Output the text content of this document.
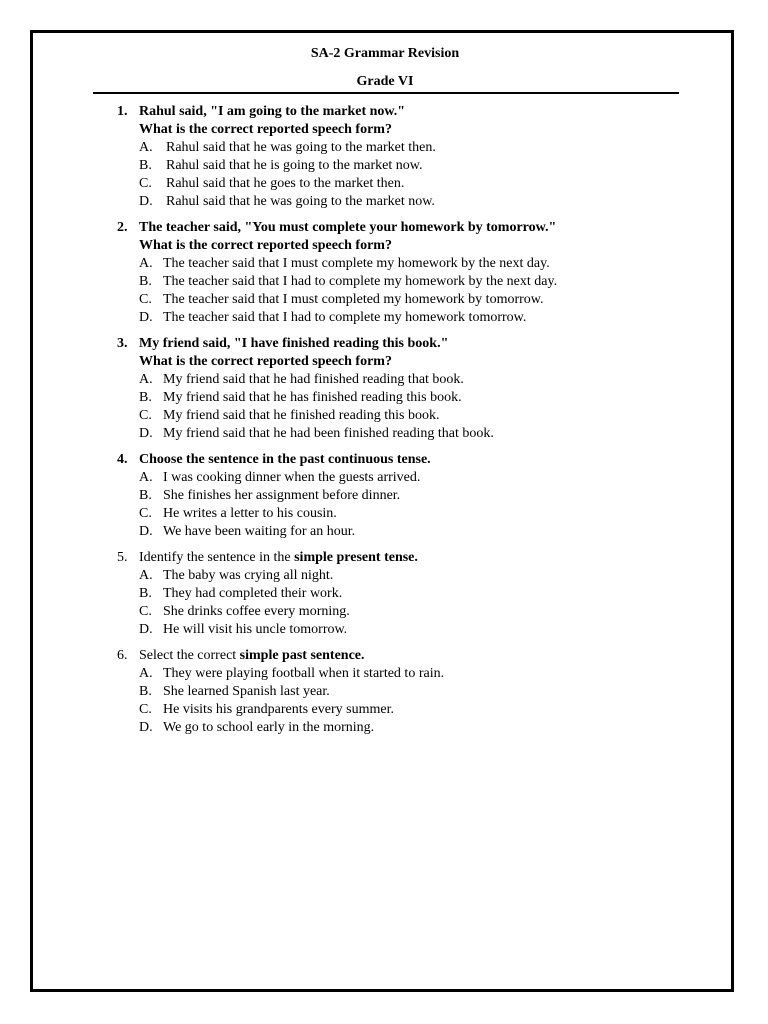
SA-2 Grammar Revision
Grade VI
1. Rahul said, "I am going to the market now."
What is the correct reported speech form?
A. Rahul said that he was going to the market then.
B.	Rahul said that he is going to the market now.
C.	Rahul said that he goes to the market then.
D. Rahul said that he was going to the market now.
2. The teacher said, "You must complete your homework by tomorrow."
What is the correct reported speech form?
A. The teacher said that I must complete my homework by the next day.
B. The teacher said that I had to complete my homework by the next day.
C. The teacher said that I must completed my homework by tomorrow.
D. The teacher said that I had to complete my homework tomorrow.
3. My friend said, "I have finished reading this book."
What is the correct reported speech form?
A. My friend said that he had finished reading that book.
B. My friend said that he has finished reading this book.
C. My friend said that he finished reading this book.
D. My friend said that he had been finished reading that book.
4. Choose the sentence in the past continuous tense.
A. I was cooking dinner when the guests arrived.
B. She finishes her assignment before dinner.
C. He writes a letter to his cousin.
D. We have been waiting for an hour.
5. Identify the sentence in the simple present tense.
A. The baby was crying all night.
B. They had completed their work.
C. She drinks coffee every morning.
D. He will visit his uncle tomorrow.
6. Select the correct simple past sentence.
A. They were playing football when it started to rain.
B. She learned Spanish last year.
C. He visits his grandparents every summer.
D. We go to school early in the morning.
